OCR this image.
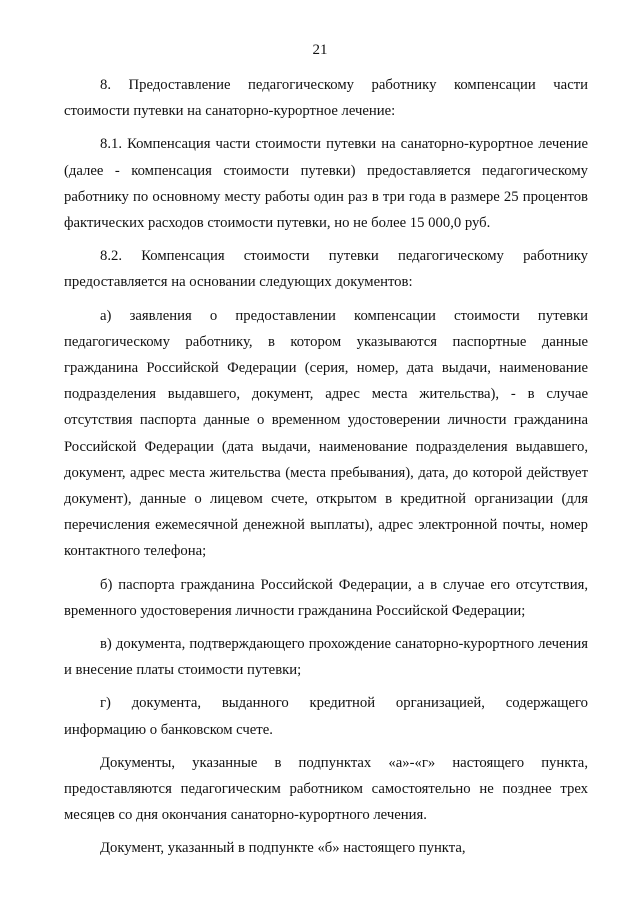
21

8. Предоставление педагогическому работнику компенсации части стоимости путевки на санаторно-курортное лечение:

8.1. Компенсация части стоимости путевки на санаторно-курортное лечение (далее - компенсация стоимости путевки) предоставляется педагогическому работнику по основному месту работы один раз в три года в размере 25 процентов фактических расходов стоимости путевки, но не более 15 000,0 руб.

8.2. Компенсация стоимости путевки педагогическому работнику предоставляется на основании следующих документов:

а) заявления о предоставлении компенсации стоимости путевки педагогическому работнику, в котором указываются паспортные данные гражданина Российской Федерации (серия, номер, дата выдачи, наименование подразделения выдавшего, документ, адрес места жительства), - в случае отсутствия паспорта данные о временном удостоверении личности гражданина Российской Федерации (дата выдачи, наименование подразделения выдавшего, документ, адрес места жительства (места пребывания), дата, до которой действует документ), данные о лицевом счете, открытом в кредитной организации (для перечисления ежемесячной денежной выплаты), адрес электронной почты, номер контактного телефона;

б) паспорта гражданина Российской Федерации, а в случае его отсутствия, временного удостоверения личности гражданина Российской Федерации;

в) документа, подтверждающего прохождение санаторно-курортного лечения и внесение платы стоимости путевки;

г) документа, выданного кредитной организацией, содержащего информацию о банковском счете.

Документы, указанные в подпунктах «а»-«г» настоящего пункта, предоставляются педагогическим работником самостоятельно не позднее трех месяцев со дня окончания санаторно-курортного лечения.

Документ, указанный в подпункте «б» настоящего пункта,
